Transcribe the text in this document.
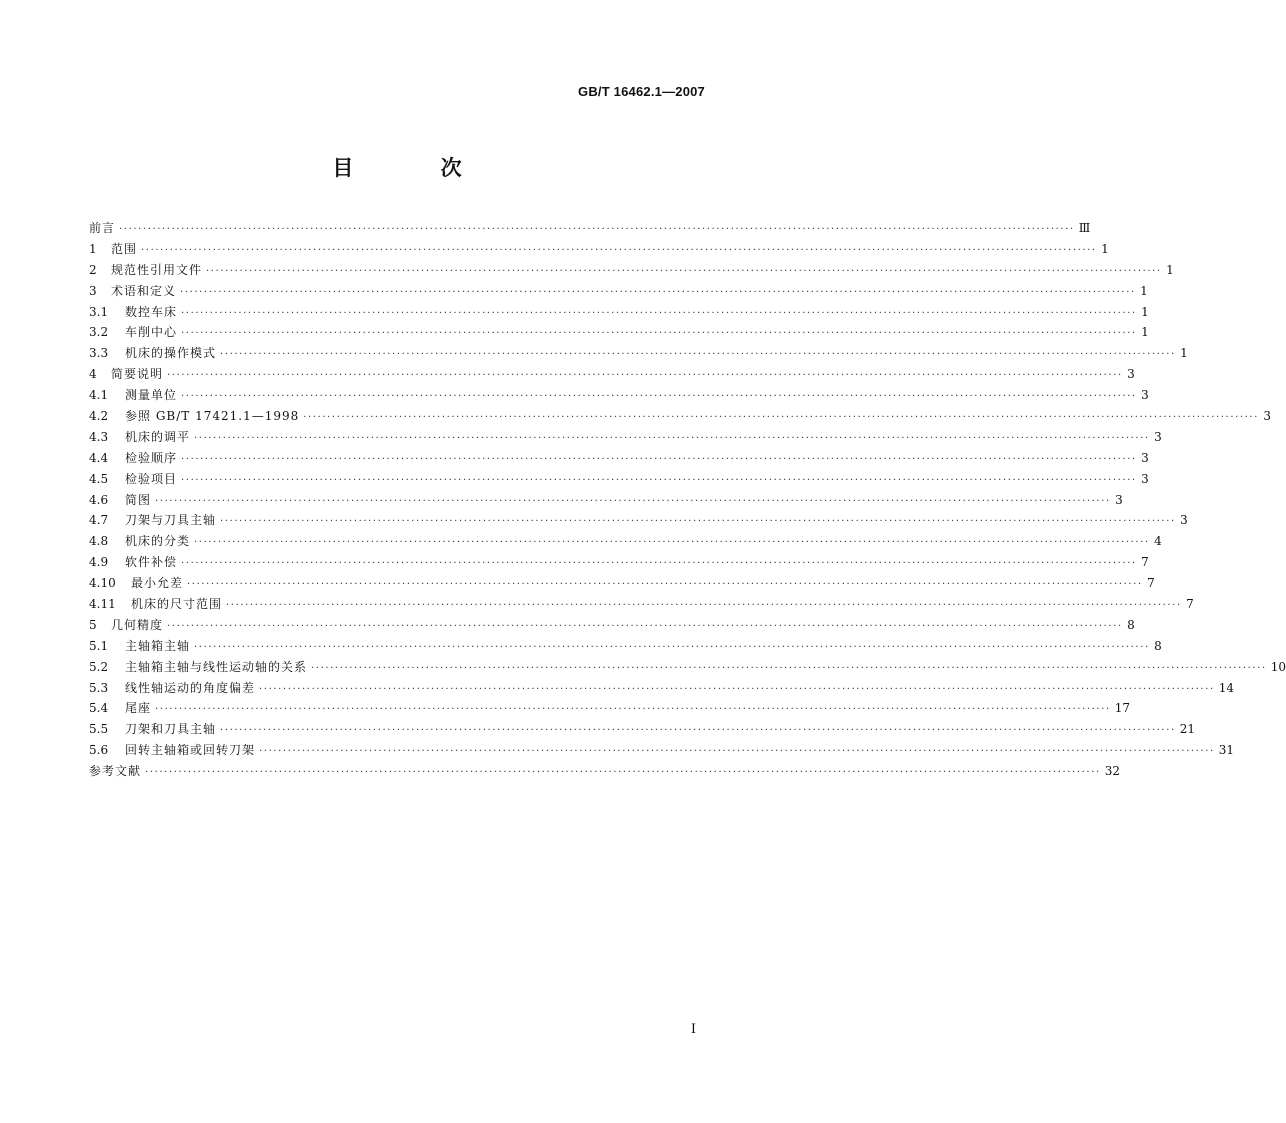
GB/T 16462.1—2007
目 次
前言 ········································································································································································································ Ⅲ
1 范围 ········································································································································································································ 1
2 规范性引用文件 ········································································································································································································ 1
3 术语和定义 ········································································································································································································ 1
3.1	数控车床 ········································································································································································································ 1
3.2	车削中心 ········································································································································································································ 1
3.3	机床的操作模式 ········································································································································································································ 1
4 简要说明 ········································································································································································································ 3
4.1	测量单位 ········································································································································································································ 3
4.2	参照 GB/T 17421.1—1998 ········································································································································································································ 3
4.3	机床的调平 ········································································································································································································ 3
4.4	检验顺序 ········································································································································································································ 3
4.5	检验项目 ········································································································································································································ 3
4.6	简图 ········································································································································································································ 3
4.7	刀架与刀具主轴 ········································································································································································································ 3
4.8	机床的分类 ········································································································································································································ 4
4.9	软件补偿 ········································································································································································································ 7
4.10 最小允差 ········································································································································································································ 7
4.11 机床的尺寸范围 ········································································································································································································ 7
5 几何精度 ········································································································································································································ 8
5.1	主轴箱主轴 ········································································································································································································ 8
5.2	主轴箱主轴与线性运动轴的关系 ········································································································································································································ 10
5.3	线性轴运动的角度偏差 ········································································································································································································ 14
5.4	尾座 ········································································································································································································ 17
5.5	刀架和刀具主轴 ········································································································································································································ 21
5.6	回转主轴箱或回转刀架 ········································································································································································································ 31
参考文献 ········································································································································································································ 32
I
